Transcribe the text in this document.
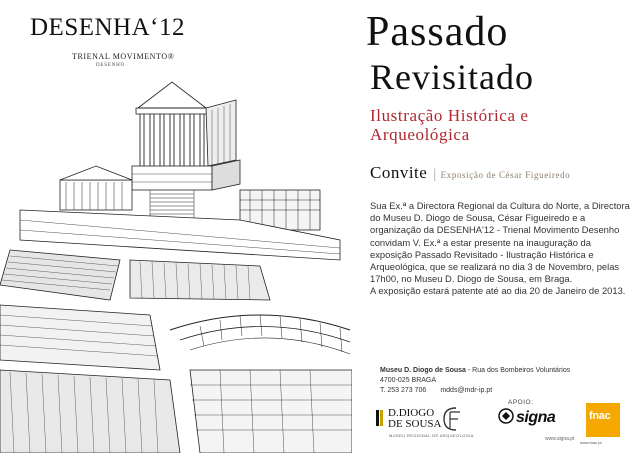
DESENHA‘12
TRIENAL MOVIMENTO®
DESENHO
Passado
Revisitado
Ilustração Histórica e Arqueológica
Convite | Exposição de César Figueiredo

Sua Ex.ª a Directora Regional da Cultura do Norte, a Directora do Museu D. Diogo de Sousa, César Figueiredo e a organização da DESENHA'12 - Trienal Movimento Desenho convidam V. Ex.ª a estar presente na inauguração da exposição Passado Revisitado - Ilustração Histórica e Arqueológica, que se realizará no dia 3 de Novembro, pelas 17h00, no Museu D. Diogo de Sousa, em Braga.

A exposição estará patente até ao dia 20 de Janeiro de 2013.

Museu D. Diogo de Sousa - Rua dos Bombeiros Voluntários
4700-025 BRAGA
T. 253 273 706 mdds@mdr-ip.pt
APOIO:
D.DIOGO
DE SOUSA
MUSEU REGIONAL DE ARQUEOLOGIA
signa
www.signa.pt
fnac
www.fnac.pt
